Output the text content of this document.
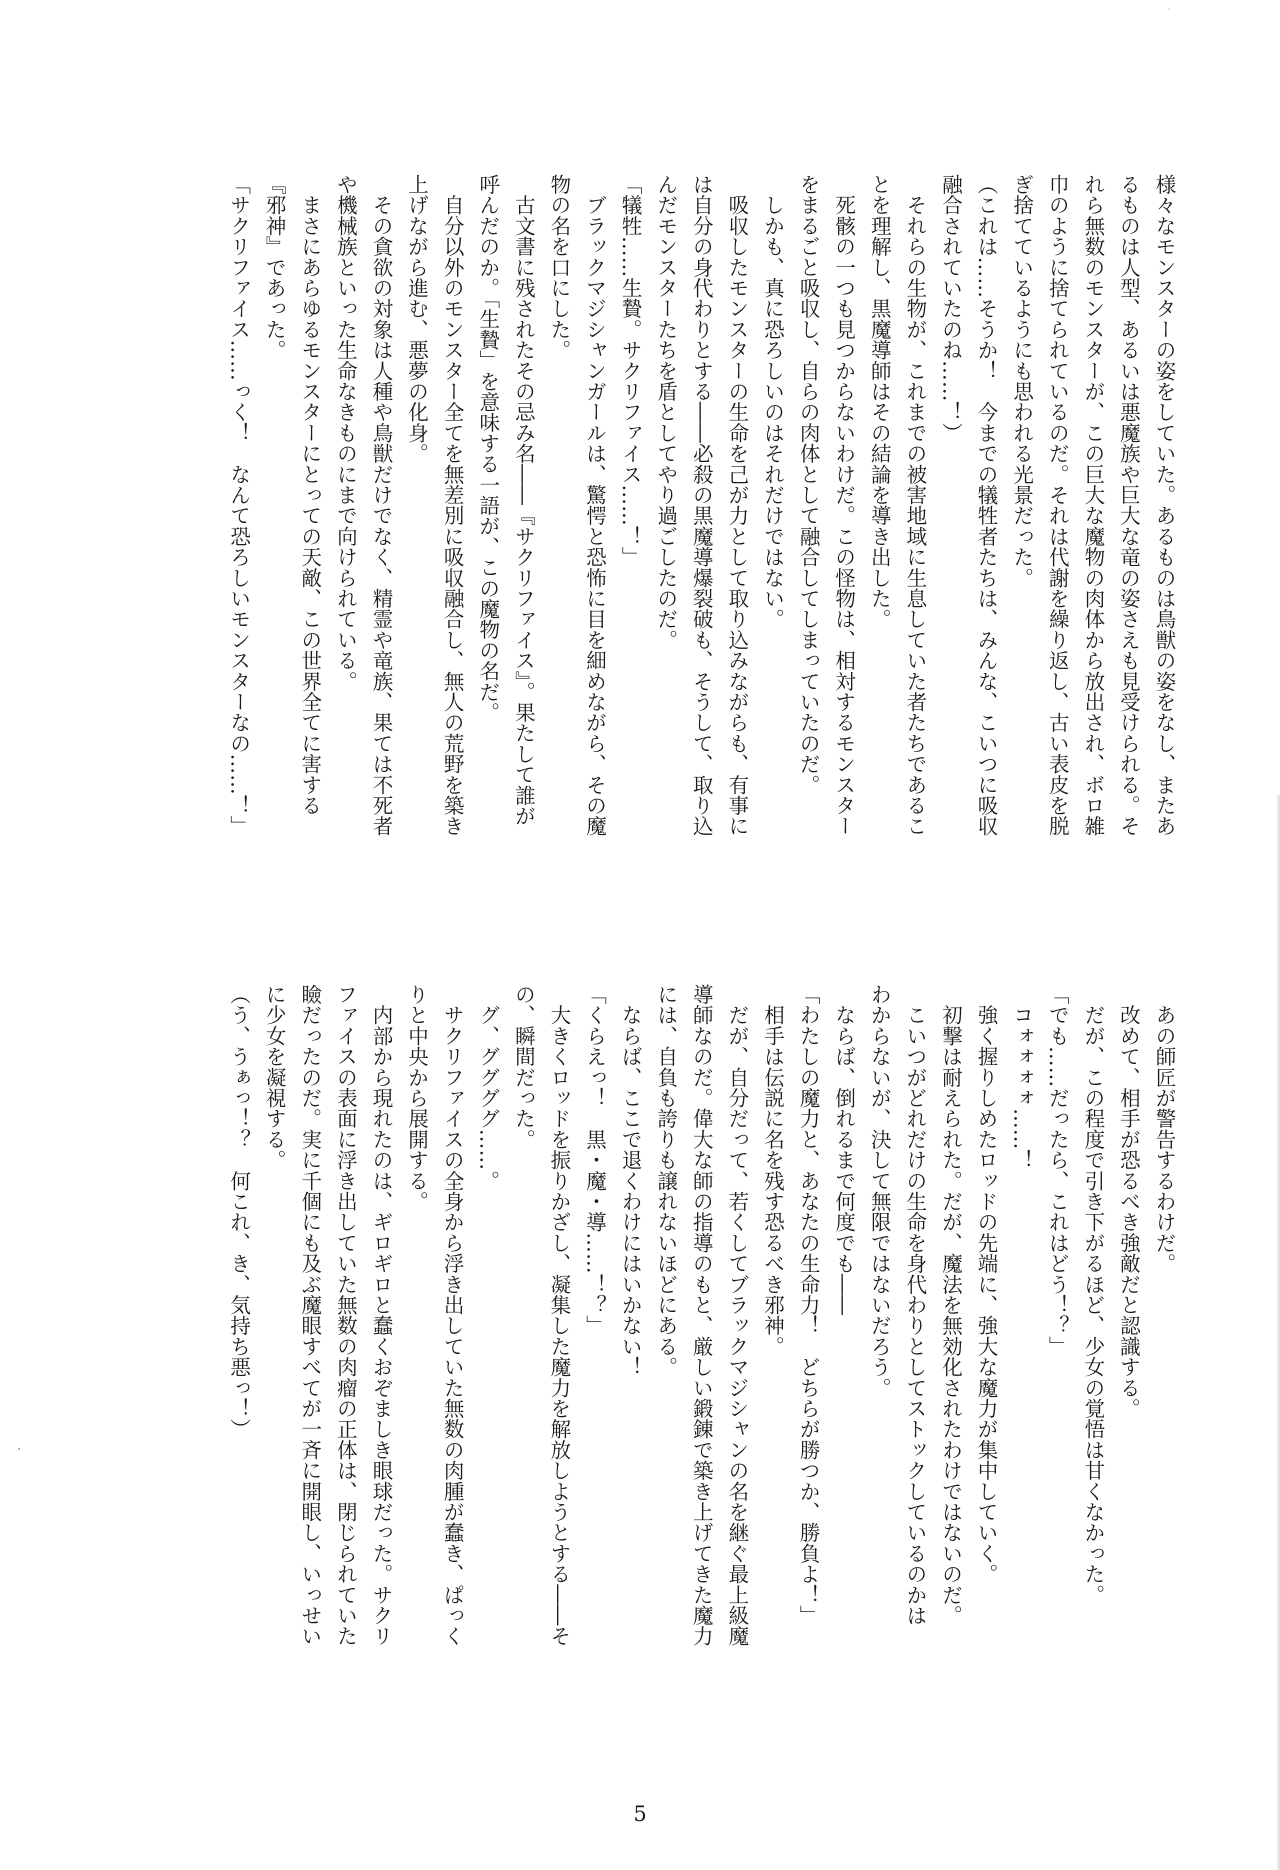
様々なモンスターの姿をしていた。あるものは鳥獣の姿をなし、またあ

るものは人型、あるいは悪魔族や巨大な竜の姿さえも見受けられる。そ

れら無数のモンスターが、この巨大な魔物の肉体から放出され、ボロ雑

巾のように捨てられているのだ。それは代謝を繰り返し、古い表皮を脱

ぎ捨てているようにも思われる光景だった。

（これは……そうか！　今までの犠牲者たちは、みんな、こいつに吸収

融合されていたのね……！）

　それらの生物が、これまでの被害地域に生息していた者たちであるこ

とを理解し、黒魔導師はその結論を導き出した。

　死骸の一つも見つからないわけだ。この怪物は、相対するモンスター

をまるごと吸収し、自らの肉体として融合してしまっていたのだ。

　しかも、真に恐ろしいのはそれだけではない。

　吸収したモンスターの生命を己が力として取り込みながらも、有事に

は自分の身代わりとする――必殺の黒魔導爆裂破も、そうして、取り込

んだモンスターたちを盾としてやり過ごしたのだ。

「犠牲……生贄。サクリファイス……！」

　ブラックマジシャンガールは、驚愕と恐怖に目を細めながら、その魔

物の名を口にした。

　古文書に残されたその忌み名――『サクリファイス』。果たして誰が

呼んだのか。「生贄」を意味する一語が、この魔物の名だ。

　自分以外のモンスター全てを無差別に吸収融合し、無人の荒野を築き

上げながら進む、悪夢の化身。

　その貪欲の対象は人種や鳥獣だけでなく、精霊や竜族、果ては不死者

や機械族といった生命なきものにまで向けられている。

　まさにあらゆるモンスターにとっての天敵、この世界全てに害する

『邪神』であった。

「サクリファイス……っく！　なんて恐ろしいモンスターなの……！」

　あの師匠が警告するわけだ。

　改めて、相手が恐るべき強敵だと認識する。

　だが、この程度で引き下がるほど、少女の覚悟は甘くなかった。

「でも……だったら、これはどう！？」

　コォォォォ……！

　強く握りしめたロッドの先端に、強大な魔力が集中していく。

　初撃は耐えられた。だが、魔法を無効化されたわけではないのだ。

　こいつがどれだけの生命を身代わりとしてストックしているのかは

わからないが、決して無限ではないだろう。

　ならば、倒れるまで何度でも――

「わたしの魔力と、あなたの生命力！　どちらが勝つか、勝負よ！」

　相手は伝説に名を残す恐るべき邪神。

　だが、自分だって、若くしてブラックマジシャンの名を継ぐ最上級魔

導師なのだ。偉大な師の指導のもと、厳しい鍛錬で築き上げてきた魔力

には、自負も誇りも譲れないほどにある。

　ならば、ここで退くわけにはいかない！

「くらえっ！　黒・魔・導……！？」

　大きくロッドを振りかざし、凝集した魔力を解放しようとする――そ

の、瞬間だった。

　グ、ググググ……。

　サクリファイスの全身から浮き出していた無数の肉腫が蠢き、ぱっく

りと中央から展開する。

　内部から現れたのは、ギロギロと蠢くおぞましき眼球だった。サクリ

ファイスの表面に浮き出していた無数の肉瘤の正体は、閉じられていた

瞼だったのだ。実に千個にも及ぶ魔眼すべてが一斉に開眼し、いっせい

に少女を凝視する。

（う、うぁっ！？　何これ、き、気持ち悪っ！）

5
